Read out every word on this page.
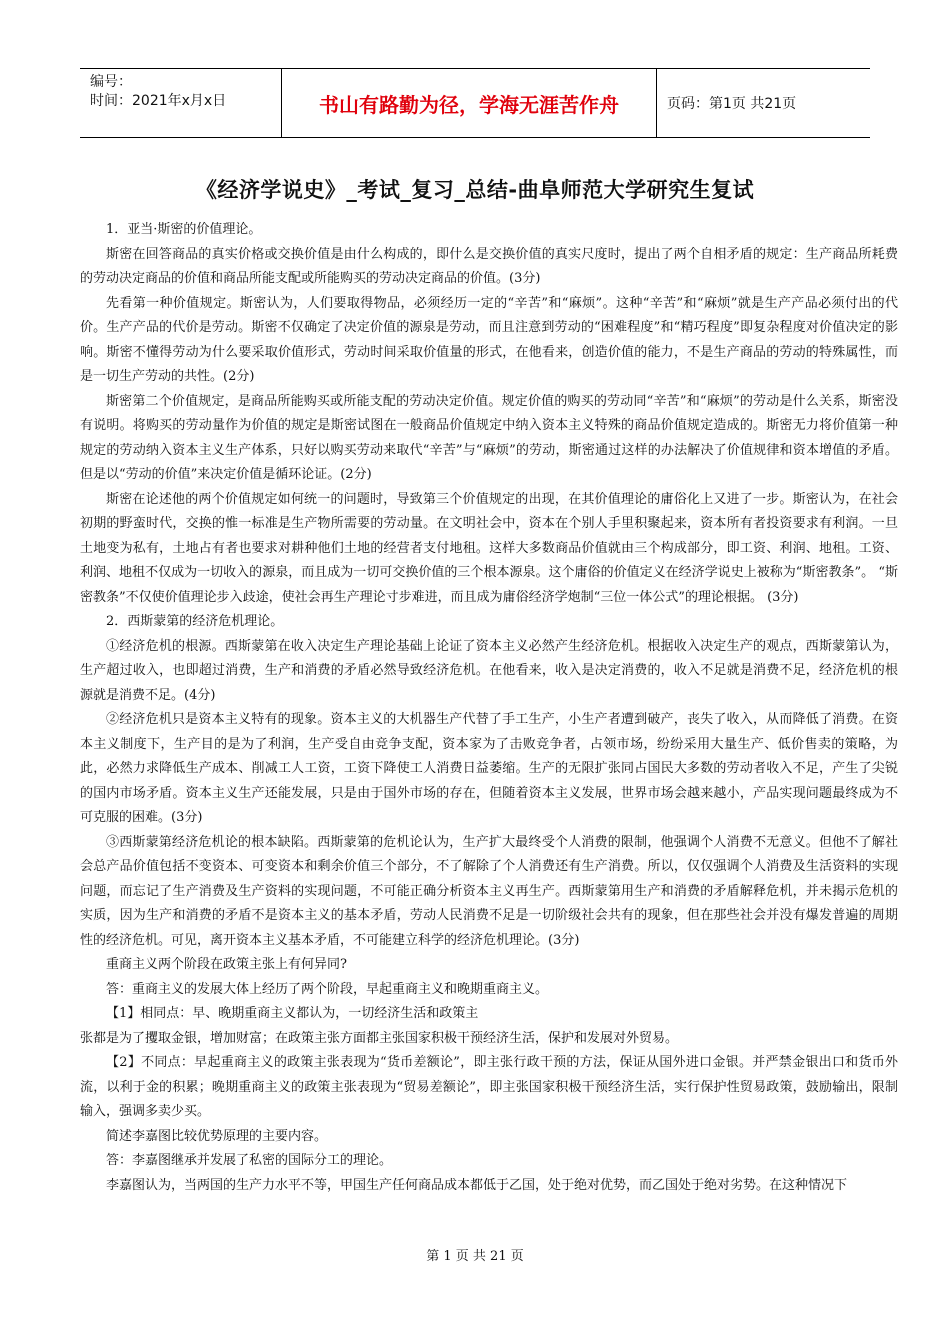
编号：
时间：2021年x月x日	书山有路勤为径，学海无涯苦作舟	页码：第1页 共21页
《经济学说史》_考试_复习_总结-曲阜师范大学研究生复试

1．亚当·斯密的价值理论。

斯密在回答商品的真实价格或交换价值是由什么构成的，即什么是交换价值的真实尺度时，提出了两个自相矛盾的规定：生产商品所耗费的劳动决定商品的价值和商品所能支配或所能购买的劳动决定商品的价值。(3分)

先看第一种价值规定。斯密认为，人们要取得物品，必须经历一定的“辛苦”和“麻烦”。这种“辛苦”和“麻烦”就是生产产品必须付出的代价。生产产品的代价是劳动。斯密不仅确定了决定价值的源泉是劳动，而且注意到劳动的“困难程度”和“精巧程度”即复杂程度对价值决定的影响。斯密不懂得劳动为什么要采取价值形式，劳动时间采取价值量的形式，在他看来，创造价值的能力，不是生产商品的劳动的特殊属性，而是一切生产劳动的共性。(2分)

斯密第二个价值规定，是商品所能购买或所能支配的劳动决定价值。规定价值的购买的劳动同“辛苦”和“麻烦”的劳动是什么关系，斯密没有说明。将购买的劳动量作为价值的规定是斯密试图在一般商品价值规定中纳入资本主义特殊的商品价值规定造成的。斯密无力将价值第一种规定的劳动纳入资本主义生产体系，只好以购买劳动来取代“辛苦”与“麻烦”的劳动，斯密通过这样的办法解决了价值规律和资本增值的矛盾。但是以“劳动的价值”来决定价值是循环论证。(2分)

斯密在论述他的两个价值规定如何统一的问题时，导致第三个价值规定的出现，在其价值理论的庸俗化上又进了一步。斯密认为，在社会初期的野蛮时代，交换的惟一标准是生产物所需要的劳动量。在文明社会中，资本在个别人手里积聚起来，资本所有者投资要求有利润。一旦土地变为私有，土地占有者也要求对耕种他们土地的经营者支付地租。这样大多数商品价值就由三个构成部分，即工资、利润、地租。工资、利润、地租不仅成为一切收入的源泉，而且成为一切可交换价值的三个根本源泉。这个庸俗的价值定义在经济学说史上被称为“斯密教条”。 “斯密教条”不仅使价值理论步入歧途，使社会再生产理论寸步难进，而且成为庸俗经济学炮制“三位一体公式”的理论根据。 (3分)

2．西斯蒙第的经济危机理论。

①经济危机的根源。西斯蒙第在收入决定生产理论基础上论证了资本主义必然产生经济危机。根据收入决定生产的观点，西斯蒙第认为，生产超过收入，也即超过消费，生产和消费的矛盾必然导致经济危机。在他看来，收入是决定消费的，收入不足就是消费不足，经济危机的根源就是消费不足。(4分)

②经济危机只是资本主义特有的现象。资本主义的大机器生产代替了手工生产，小生产者遭到破产，丧失了收入，从而降低了消费。在资本主义制度下，生产目的是为了利润，生产受自由竞争支配，资本家为了击败竞争者，占领市场，纷纷采用大量生产、低价售卖的策略，为此，必然力求降低生产成本、削减工人工资，工资下降使工人消费日益萎缩。生产的无限扩张同占国民大多数的劳动者收入不足，产生了尖锐的国内市场矛盾。资本主义生产还能发展，只是由于国外市场的存在，但随着资本主义发展，世界市场会越来越小，产品实现问题最终成为不可克服的困难。(3分)

③西斯蒙第经济危机论的根本缺陷。西斯蒙第的危机论认为，生产扩大最终受个人消费的限制，他强调个人消费不无意义。但他不了解社会总产品价值包括不变资本、可变资本和剩余价值三个部分，不了解除了个人消费还有生产消费。所以，仅仅强调个人消费及生活资料的实现问题，而忘记了生产消费及生产资料的实现问题，不可能正确分析资本主义再生产。西斯蒙第用生产和消费的矛盾解释危机，并未揭示危机的实质，因为生产和消费的矛盾不是资本主义的基本矛盾，劳动人民消费不足是一切阶级社会共有的现象，但在那些社会并没有爆发普遍的周期性的经济危机。可见，离开资本主义基本矛盾，不可能建立科学的经济危机理论。(3分)

重商主义两个阶段在政策主张上有何异同?

答：重商主义的发展大体上经历了两个阶段，早起重商主义和晚期重商主义。

【1】相同点：早、晚期重商主义都认为，一切经济生活和政策主

张都是为了攫取金银，增加财富；在政策主张方面都主张国家积极干预经济生活，保护和发展对外贸易。

【2】不同点：早起重商主义的政策主张表现为“货币差额论”，即主张行政干预的方法，保证从国外进口金银。并严禁金银出口和货币外流，以利于金的积累；晚期重商主义的政策主张表现为“贸易差额论”，即主张国家积极干预经济生活，实行保护性贸易政策，鼓励输出，限制输入，强调多卖少买。

简述李嘉图比较优势原理的主要内容。

答：李嘉图继承并发展了私密的国际分工的理论。

李嘉图认为，当两国的生产力水平不等，甲国生产任何商品成本都低于乙国，处于绝对优势，而乙国处于绝对劣势。在这种情况下

第 1 页 共 21 页
